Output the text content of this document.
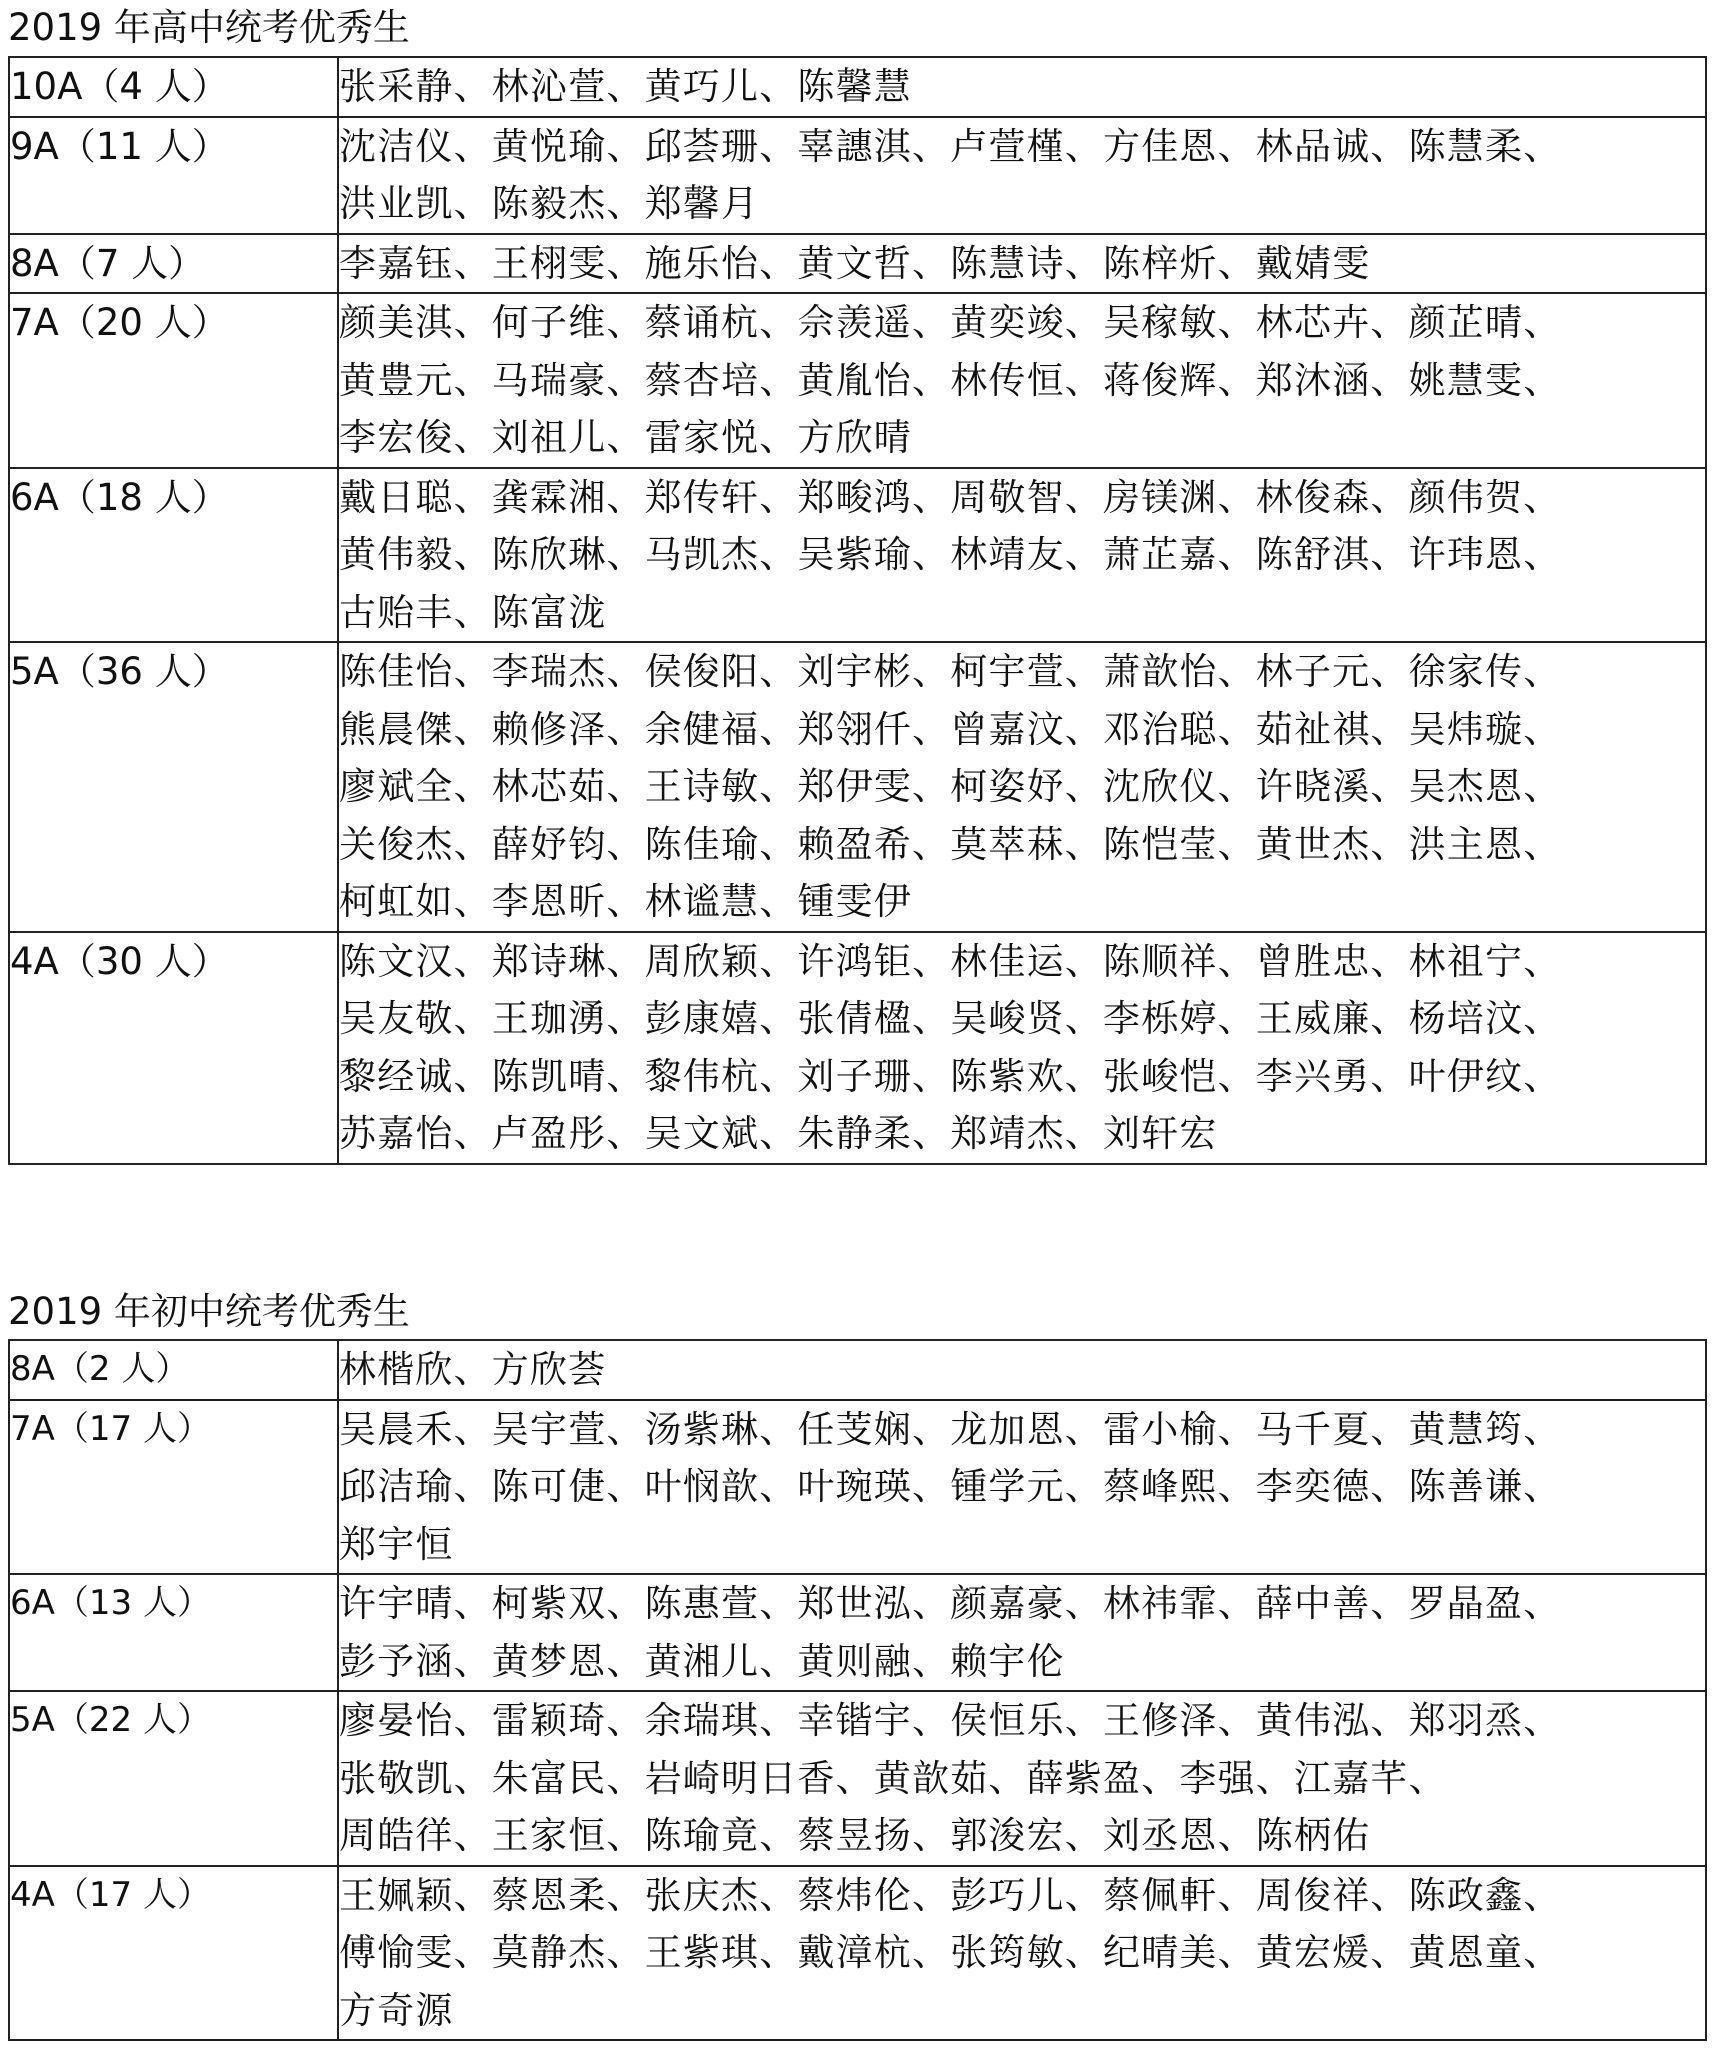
2019 年高中统考优秀生
10A（4 人）	张采静、林沁萱、黄巧儿、陈馨慧

9A（11 人）	沈洁仪、黄悦瑜、邱荟珊、辜譓淇、卢萱槿、方佳恩、林品诚、陈慧柔、
洪业凯、陈毅杰、郑馨月

8A（7 人）	李嘉钰、王栩雯、施乐怡、黄文哲、陈慧诗、陈梓炘、戴婧雯

7A（20 人）	颜美淇、何子维、蔡诵杭、佘羡遥、黄奕竣、吴稼敏、林芯卉、颜芷晴、
黄豊元、马瑞豪、蔡杏培、黄胤怡、林传恒、蒋俊辉、郑沐涵、姚慧雯、
李宏俊、刘祖儿、雷家悦、方欣晴

6A（18 人）	戴日聪、龚霖湘、郑传轩、郑畯鸿、周敬智、房镁渊、林俊森、颜伟贺、
黄伟毅、陈欣琳、马凯杰、吴紫瑜、林靖友、萧芷嘉、陈舒淇、许玮恩、
古贻丰、陈富泷

5A（36 人）	陈佳怡、李瑞杰、侯俊阳、刘宇彬、柯宇萱、萧歆怡、林子元、徐家传、
熊晨傑、赖修泽、余健福、郑翎仟、曾嘉汶、邓治聪、茹祉祺、吴炜璇、
廖斌全、林芯茹、王诗敏、郑伊雯、柯姿妤、沈欣仪、许晓溪、吴杰恩、
关俊杰、薛妤钧、陈佳瑜、赖盈希、莫萃菻、陈恺莹、黄世杰、洪主恩、
柯虹如、李恩昕、林谧慧、锺雯伊

4A（30 人）	陈文汉、郑诗琳、周欣颖、许鸿钜、林佳运、陈顺祥、曾胜忠、林祖宁、
吴友敬、王珈湧、彭康嬉、张倩楹、吴峻贤、李栎婷、王威廉、杨培汶、
黎经诚、陈凯晴、黎伟杭、刘子珊、陈紫欢、张峻恺、李兴勇、叶伊纹、
苏嘉怡、卢盈彤、吴文斌、朱静柔、郑靖杰、刘轩宏
2019 年初中统考优秀生
8A（2 人）	林楷欣、方欣荟

7A（17 人）	吴晨禾、吴宇萱、汤紫琳、任芰娴、龙加恩、雷小榆、马千夏、黄慧筠、
邱洁瑜、陈可倢、叶悯歆、叶琬瑛、锺学元、蔡峰熙、李奕德、陈善谦、
郑宇恒

6A（13 人）	许宇晴、柯紫双、陈惠萱、郑世泓、颜嘉豪、林祎霏、薛中善、罗晶盈、
彭予涵、黄梦恩、黄湘儿、黄则融、赖宇伦

5A（22 人）	廖晏怡、雷颖琦、余瑞琪、幸锴宇、侯恒乐、王修泽、黄伟泓、郑羽烝、
张敬凯、朱富民、岩崎明日香、黄歆茹、薛紫盈、李强、江嘉芊、
周皓徉、王家恒、陈瑜竟、蔡昱扬、郭浚宏、刘丞恩、陈柄佑

4A（17 人）	王姵颖、蔡恩柔、张庆杰、蔡炜伦、彭巧儿、蔡佩軒、周俊祥、陈政鑫、
傅愉雯、莫静杰、王紫琪、戴漳杭、张筠敏、纪晴美、黄宏煖、黄恩童、
方奇源
